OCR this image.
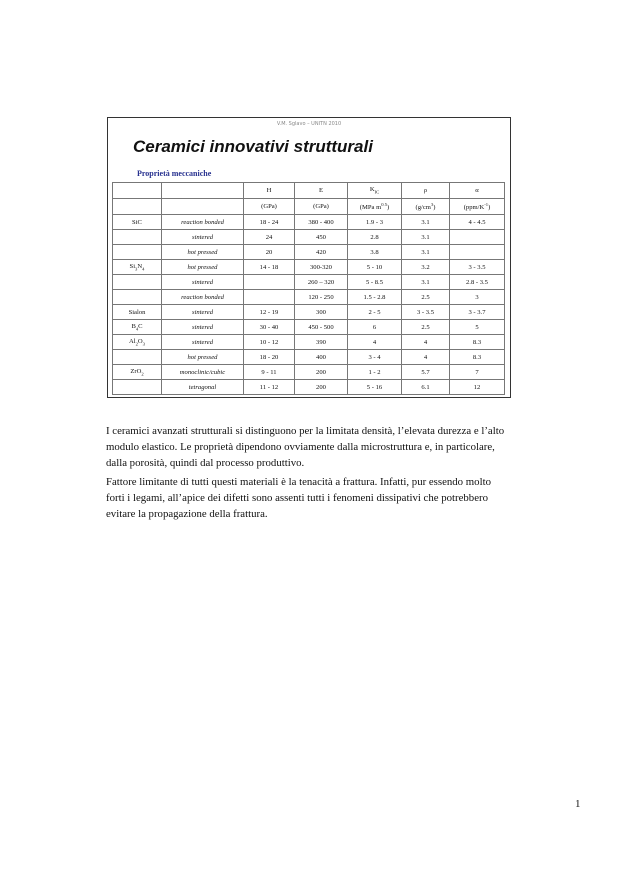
V.M. Sglavo – UNITN 2010
Ceramici innovativi strutturali
Proprietà meccaniche
		H	E	$K_{IC}$	ρ	α
		(GPa)	(GPa)	(MPa $m^{0.5}$)	$(g/cm^3)$	$(ppm/K^{-1})$
SiC	reaction bonded	18 - 24	380 - 400	1.9 - 3	3.1	4 - 4.5
	sintered	24	450	2.8	3.1	
	hot pressed	20	420	3.8	3.1	
$Si_3N_4$	hot pressed	14 - 18	300-320	5 - 10	3.2	3 - 3.5
	sintered		260 – 320	5 - 8.5	3.1	2.8 - 3.5
	reaction bonded		120 - 250	1.5 - 2.8	2.5	3
Sialon	sintered	12 - 19	300	2 - 5	3 - 3.5	3 - 3.7
$B_4C$	sintered	30 - 40	450 - 500	6	2.5	5
$Al_2O_3$	sintered	10 - 12	390	4	4	8.3
	hot pressed	18 - 20	400	3 - 4	4	8.3
ZrO$_2$	monoclinic/cubic	9 - 11	200	1 - 2	5.7	7
	tetragonal	11 - 12	200	5 - 16	6.1	12

I ceramici avanzati strutturali si distinguono per la limitata densità, l’elevata durezza e l’alto modulo elastico. Le proprietà dipendono ovviamente dalla microstruttura e, in particolare, dalla porosità, quindi dal processo produttivo.

Fattore limitante di tutti questi materiali è la tenacità a frattura. Infatti, pur essendo molto forti i legami, all’apice dei difetti sono assenti tutti i fenomeni dissipativi che potrebbero evitare la propagazione della frattura.

1
